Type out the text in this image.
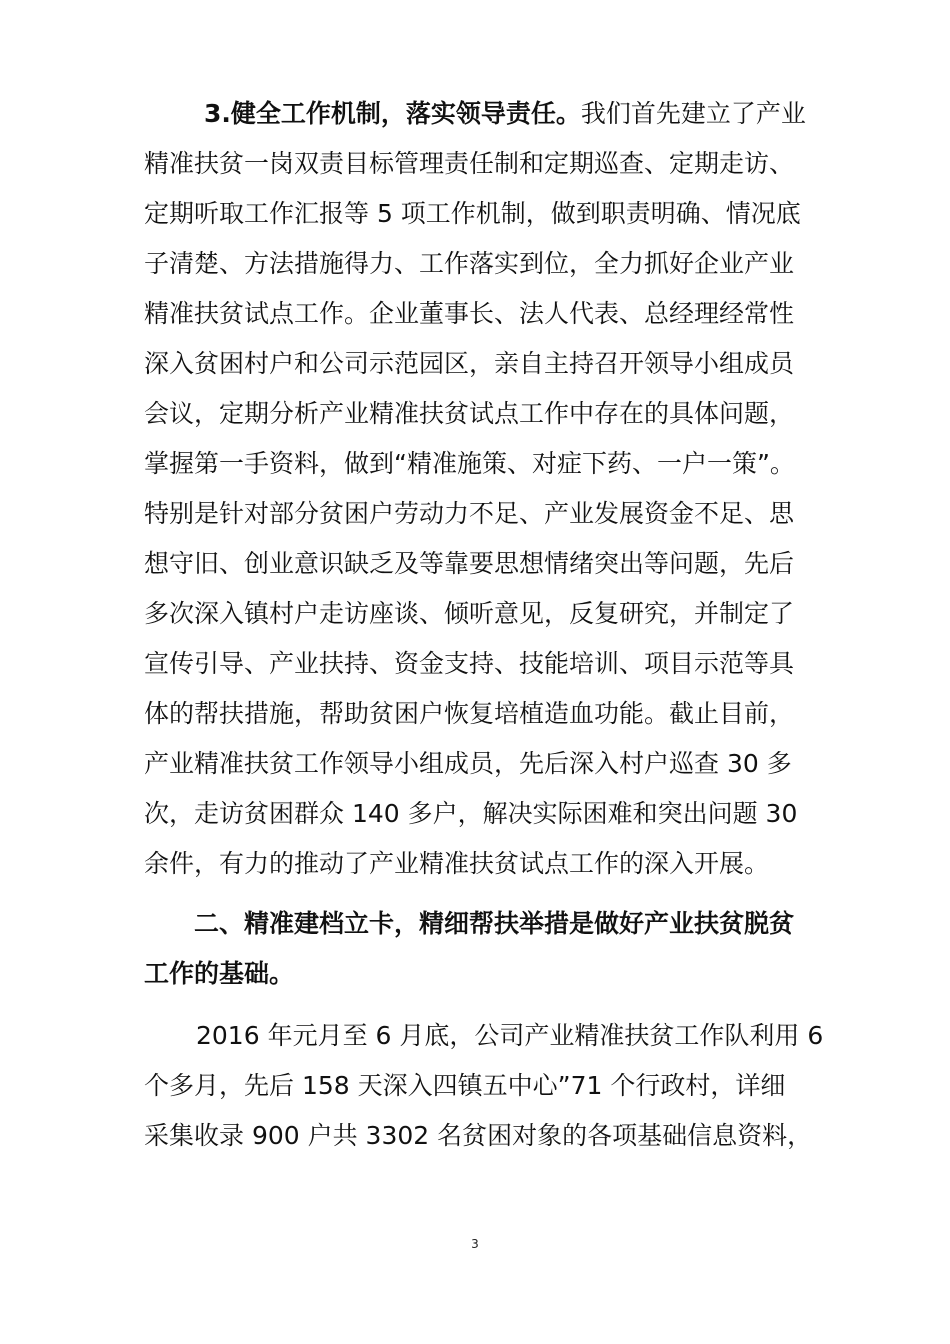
3.健全工作机制，落实领导责任。我们首先建立了产业
精准扶贫一岗双责目标管理责任制和定期巡查、定期走访、
定期听取工作汇报等 5 项工作机制，做到职责明确、情况底
子清楚、方法措施得力、工作落实到位，全力抓好企业产业
精准扶贫试点工作。企业董事长、法人代表、总经理经常性
深入贫困村户和公司示范园区，亲自主持召开领导小组成员
会议，定期分析产业精准扶贫试点工作中存在的具体问题，
掌握第一手资料，做到“精准施策、对症下药、一户一策”。
特别是针对部分贫困户劳动力不足、产业发展资金不足、思
想守旧、创业意识缺乏及等靠要思想情绪突出等问题，先后
多次深入镇村户走访座谈、倾听意见，反复研究，并制定了
宣传引导、产业扶持、资金支持、技能培训、项目示范等具
体的帮扶措施，帮助贫困户恢复培植造血功能。截止目前，
产业精准扶贫工作领导小组成员，先后深入村户巡查 30 多
次，走访贫困群众 140 多户，解决实际困难和突出问题 30
余件，有力的推动了产业精准扶贫试点工作的深入开展。
二、精准建档立卡，精细帮扶举措是做好产业扶贫脱贫
工作的基础。
2016 年元月至 6 月底，公司产业精准扶贫工作队利用 6
个多月，先后 158 天深入四镇五中心”71 个行政村，详细
采集收录 900 户共 3302 名贫困对象的各项基础信息资料，
3
